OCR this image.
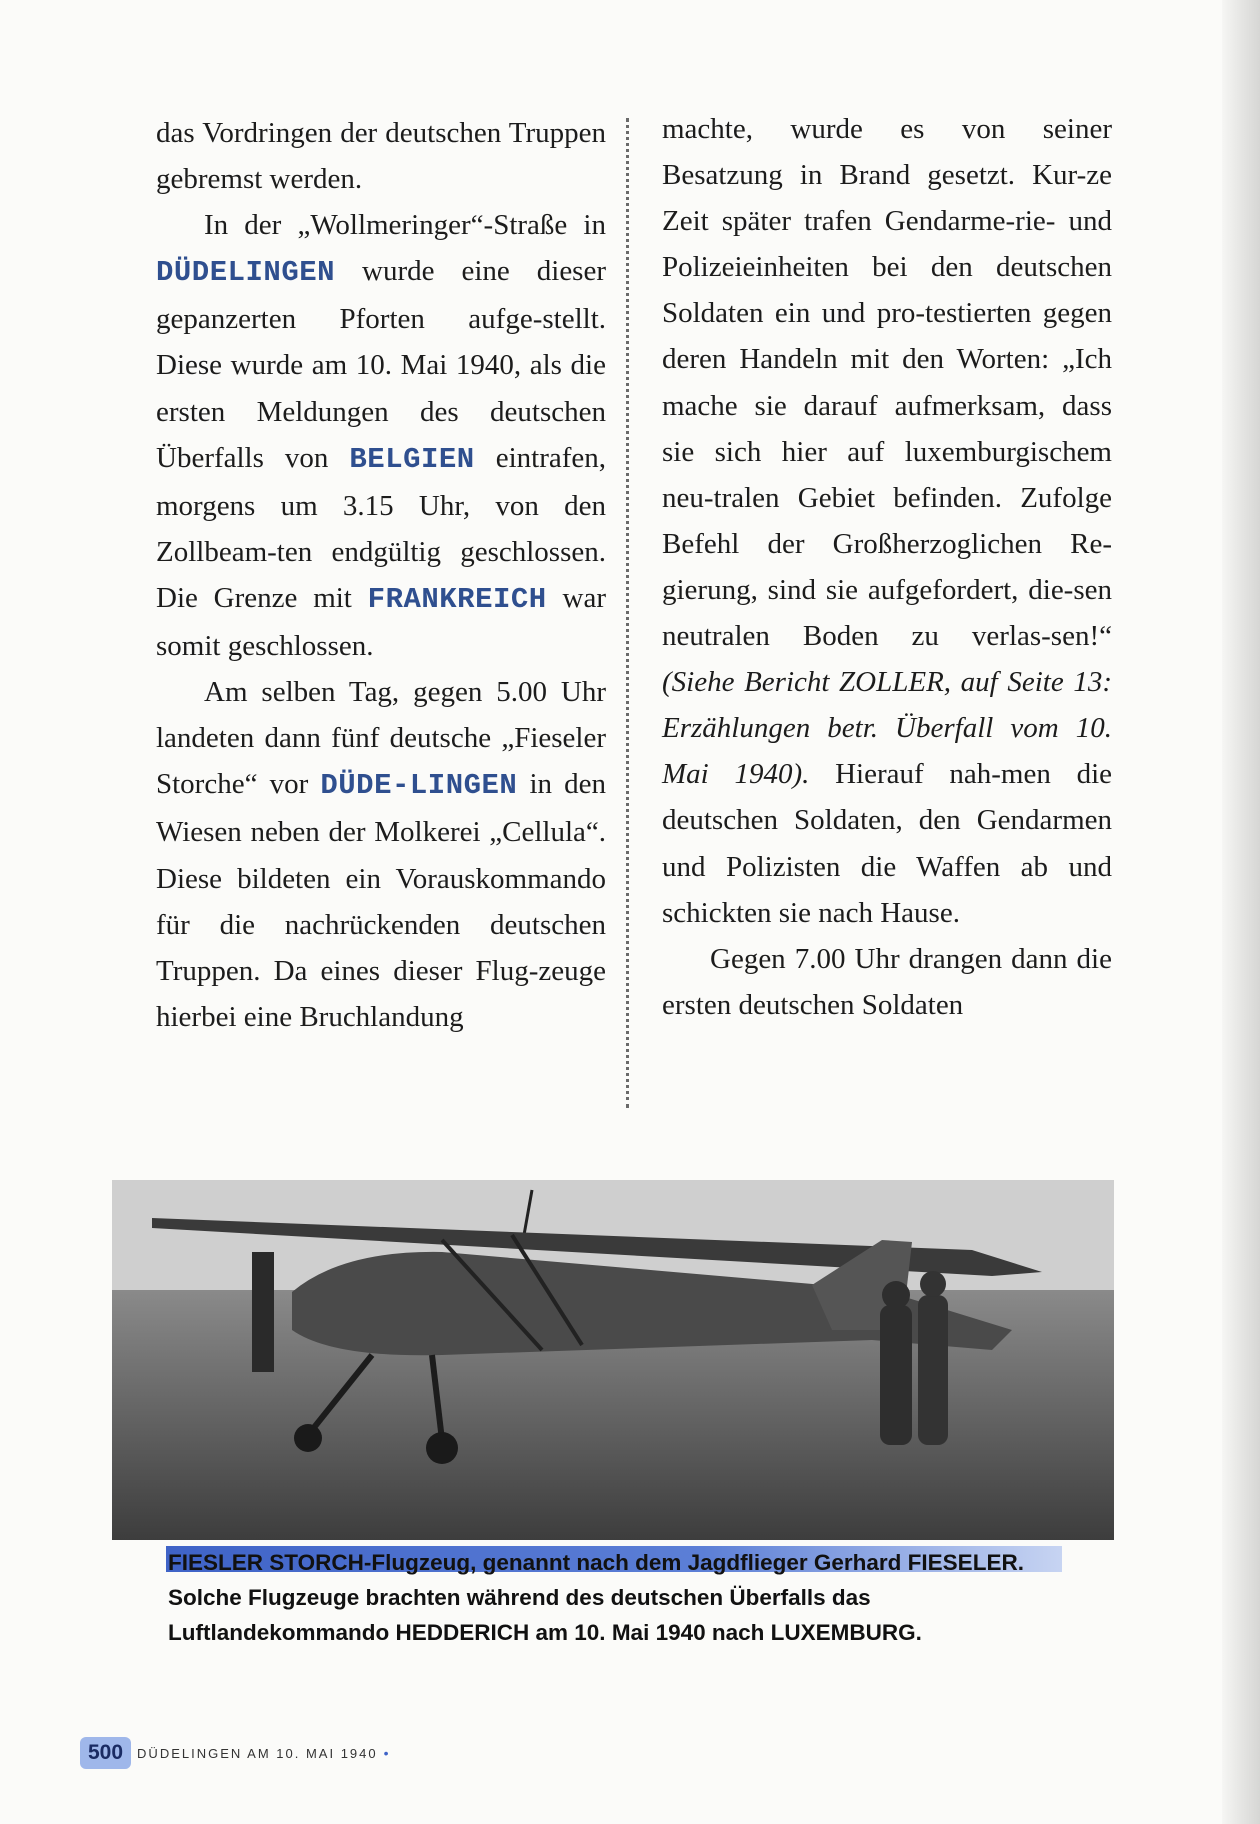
das Vordringen der deutschen Truppen gebremst werden.

In der „Wollmeringer“-Straße in DÜDELINGEN wurde eine dieser gepanzerten Pforten aufge-stellt. Diese wurde am 10. Mai 1940, als die ersten Meldungen des deutschen Überfalls von BELGIEN eintrafen, morgens um 3.15 Uhr, von den Zollbeam-ten endgültig geschlossen. Die Grenze mit FRANKREICH war somit geschlossen.

Am selben Tag, gegen 5.00 Uhr landeten dann fünf deutsche „Fieseler Storche“ vor DÜDE-LINGEN in den Wiesen neben der Molkerei „Cellula“. Diese bildeten ein Vorauskommando für die nachrückenden deutschen Truppen. Da eines dieser Flug-zeuge hierbei eine Bruchlandung

machte, wurde es von seiner Besatzung in Brand gesetzt. Kur-ze Zeit später trafen Gendarme-rie- und Polizeieinheiten bei den deutschen Soldaten ein und pro-testierten gegen deren Handeln mit den Worten: „Ich mache sie darauf aufmerksam, dass sie sich hier auf luxemburgischem neu-tralen Gebiet befinden. Zufolge Befehl der Großherzoglichen Re-gierung, sind sie aufgefordert, die-sen neutralen Boden zu verlas-sen!“ (Siehe Bericht ZOLLER, auf Seite 13: Erzählungen betr. Überfall vom 10. Mai 1940). Hierauf nah-men die deutschen Soldaten, den Gendarmen und Polizisten die Waffen ab und schickten sie nach Hause.

Gegen 7.00 Uhr drangen dann die ersten deutschen Soldaten

FIESLER STORCH-Flugzeug, genannt nach dem Jagdflieger Gerhard FIESELER.
Solche Flugzeuge brachten während des deutschen Überfalls das
Luftlandekommando HEDDERICH am 10. Mai 1940 nach LUXEMBURG.
500	DÜDELINGEN AM 10. MAI 1940 •
